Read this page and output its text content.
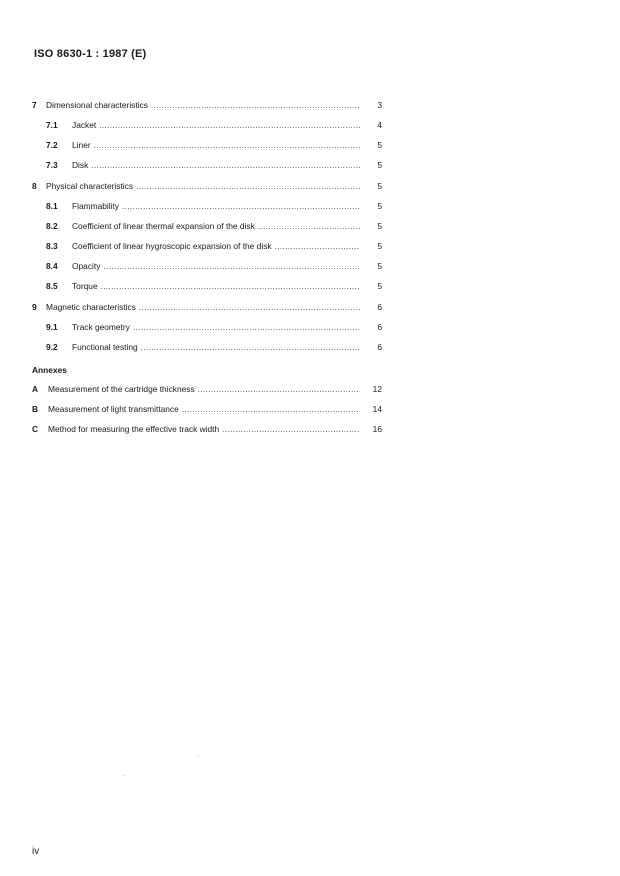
ISO 8630-1 : 1987 (E)
7	Dimensional characteristics . . .	3
7.1	Jacket . . .	4
7.2	Liner . . .	5
7.3	Disk . . .	5
8	Physical characteristics . . .	5
8.1	Flammability . . .	5
8.2	Coefficient of linear thermal expansion of the disk . . .	5
8.3	Coefficient of linear hygroscopic expansion of the disk . . .	5
8.4	Opacity . . .	5
8.5	Torque . . .	5
9	Magnetic characteristics . . .	6
9.1	Track geometry . . .	6
9.2	Functional testing . . .	6
Annexes
A	Measurement of the cartridge thickness . . .	12
B	Measurement of light transmittance . . .	14
C	Method for measuring the effective track width . . .	16
iv
